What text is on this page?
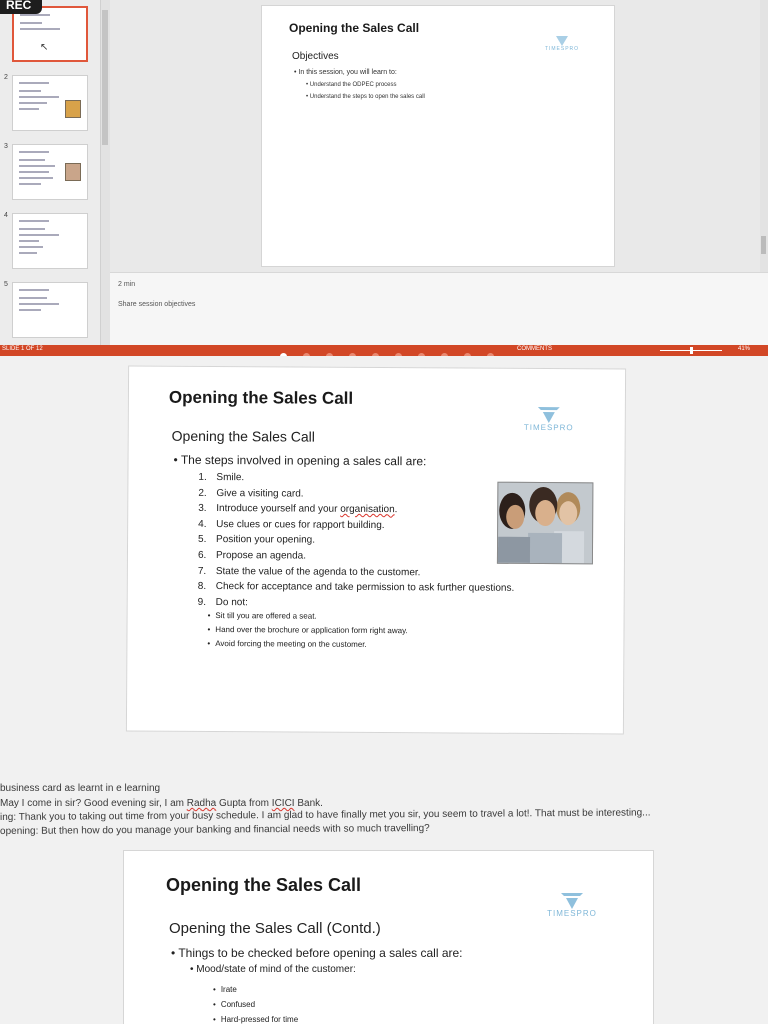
REC
↖
2
3
4
5
Opening the Sales Call
Objectives
• In this session, you will learn to:
• Understand the ODPEC process
• Understand the steps to open the sales call
TIMESPRO
2 min
Share session objectives
SLIDE 1 OF 12	COMMENTS	41%
Opening the Sales Call
Opening the Sales Call
• The steps involved in opening a sales call are:
1. Smile.
2. Give a visiting card.
3. Introduce yourself and your organisation.
4. Use clues or cues for rapport building.
5. Position your opening.
6. Propose an agenda.
7. State the value of the agenda to the customer.
8. Check for acceptance and take permission to ask further questions.
9. Do not:
• Sit till you are offered a seat.
• Hand over the brochure or application form right away.
• Avoid forcing the meeting on the customer.
TIMESPRO
business card as learnt in e learning
May I come in sir? Good evening sir, I am Radha Gupta from ICICI Bank.
ing: Thank you to taking out time from your busy schedule. I am glad to have finally met you sir, you seem to travel a lot!. That must be interesting...
opening: But then how do you manage your banking and financial needs with so much travelling?
Opening the Sales Call
Opening the Sales Call (Contd.)
• Things to be checked before opening a sales call are:
• Mood/state of mind of the customer:
• Irate
• Confused
• Hard-pressed for time
TIMESPRO
